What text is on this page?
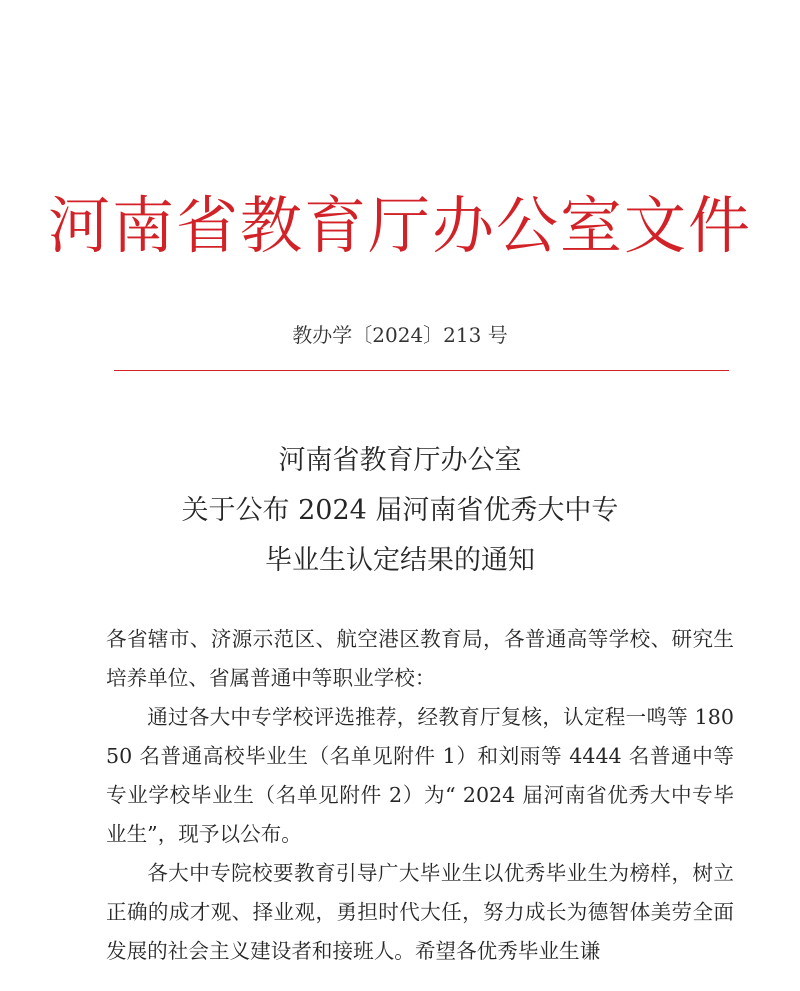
河南省教育厅办公室文件
教办学〔2024〕213 号
河南省教育厅办公室
关于公布 2024 届河南省优秀大中专
毕业生认定结果的通知

各省辖市、济源示范区、航空港区教育局，各普通高等学校、研究生培养单位、省属普通中等职业学校：

通过各大中专学校评选推荐，经教育厅复核，认定程一鸣等 18050 名普通高校毕业生（名单见附件 1）和刘雨等 4444 名普通中等专业学校毕业生（名单见附件 2）为“ 2024 届河南省优秀大中专毕业生”，现予以公布。

各大中专院校要教育引导广大毕业生以优秀毕业生为榜样，树立正确的成才观、择业观，勇担时代大任，努力成长为德智体美劳全面发展的社会主义建设者和接班人。希望各优秀毕业生谦
